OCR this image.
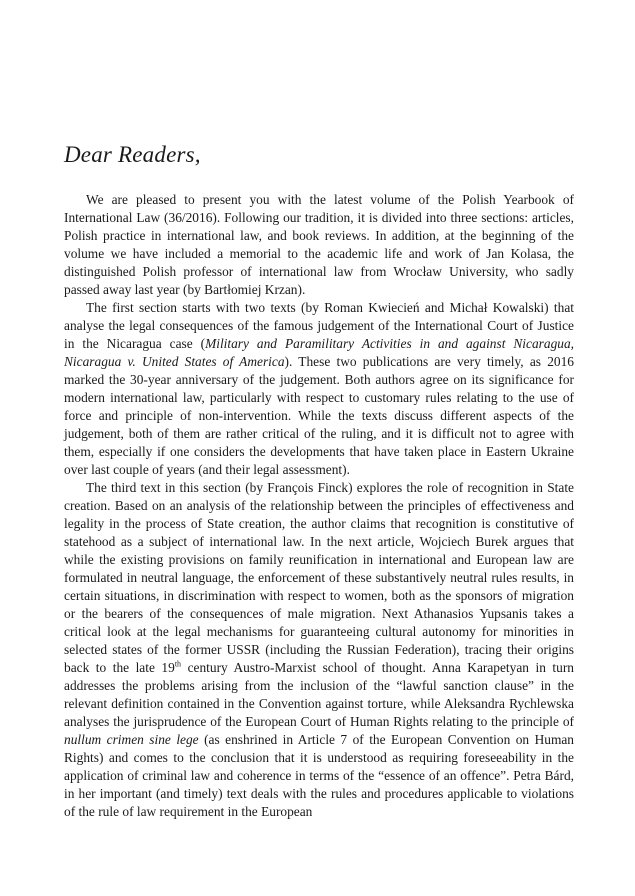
Dear Readers,

We are pleased to present you with the latest volume of the Polish Yearbook of International Law (36/2016). Following our tradition, it is divided into three sections: articles, Polish practice in international law, and book reviews. In addition, at the beginning of the volume we have included a memorial to the academic life and work of Jan Kolasa, the distinguished Polish professor of international law from Wrocław University, who sadly passed away last year (by Bartłomiej Krzan).

The first section starts with two texts (by Roman Kwiecień and Michał Kowalski) that analyse the legal consequences of the famous judgement of the International Court of Justice in the Nicaragua case (Military and Paramilitary Activities in and against Nicaragua, Nicaragua v. United States of America). These two publications are very timely, as 2016 marked the 30-year anniversary of the judgement. Both authors agree on its significance for modern international law, particularly with respect to customary rules relating to the use of force and principle of non-intervention. While the texts discuss different aspects of the judgement, both of them are rather critical of the ruling, and it is difficult not to agree with them, especially if one considers the developments that have taken place in Eastern Ukraine over last couple of years (and their legal assessment).

The third text in this section (by François Finck) explores the role of recognition in State creation. Based on an analysis of the relationship between the principles of effectiveness and legality in the process of State creation, the author claims that recognition is constitutive of statehood as a subject of international law. In the next article, Wojciech Burek argues that while the existing provisions on family reunification in international and European law are formulated in neutral language, the enforcement of these substantively neutral rules results, in certain situations, in discrimination with respect to women, both as the sponsors of migration or the bearers of the consequences of male migration. Next Athanasios Yupsanis takes a critical look at the legal mechanisms for guaranteeing cultural autonomy for minorities in selected states of the former USSR (including the Russian Federation), tracing their origins back to the late 19th century Austro-Marxist school of thought. Anna Karapetyan in turn addresses the problems arising from the inclusion of the “lawful sanction clause” in the relevant definition contained in the Convention against torture, while Aleksandra Rychlewska analyses the jurisprudence of the European Court of Human Rights relating to the principle of nullum crimen sine lege (as enshrined in Article 7 of the European Convention on Human Rights) and comes to the conclusion that it is understood as requiring foreseeability in the application of criminal law and coherence in terms of the “essence of an offence”. Petra Bárd, in her important (and timely) text deals with the rules and procedures applicable to violations of the rule of law requirement in the European
